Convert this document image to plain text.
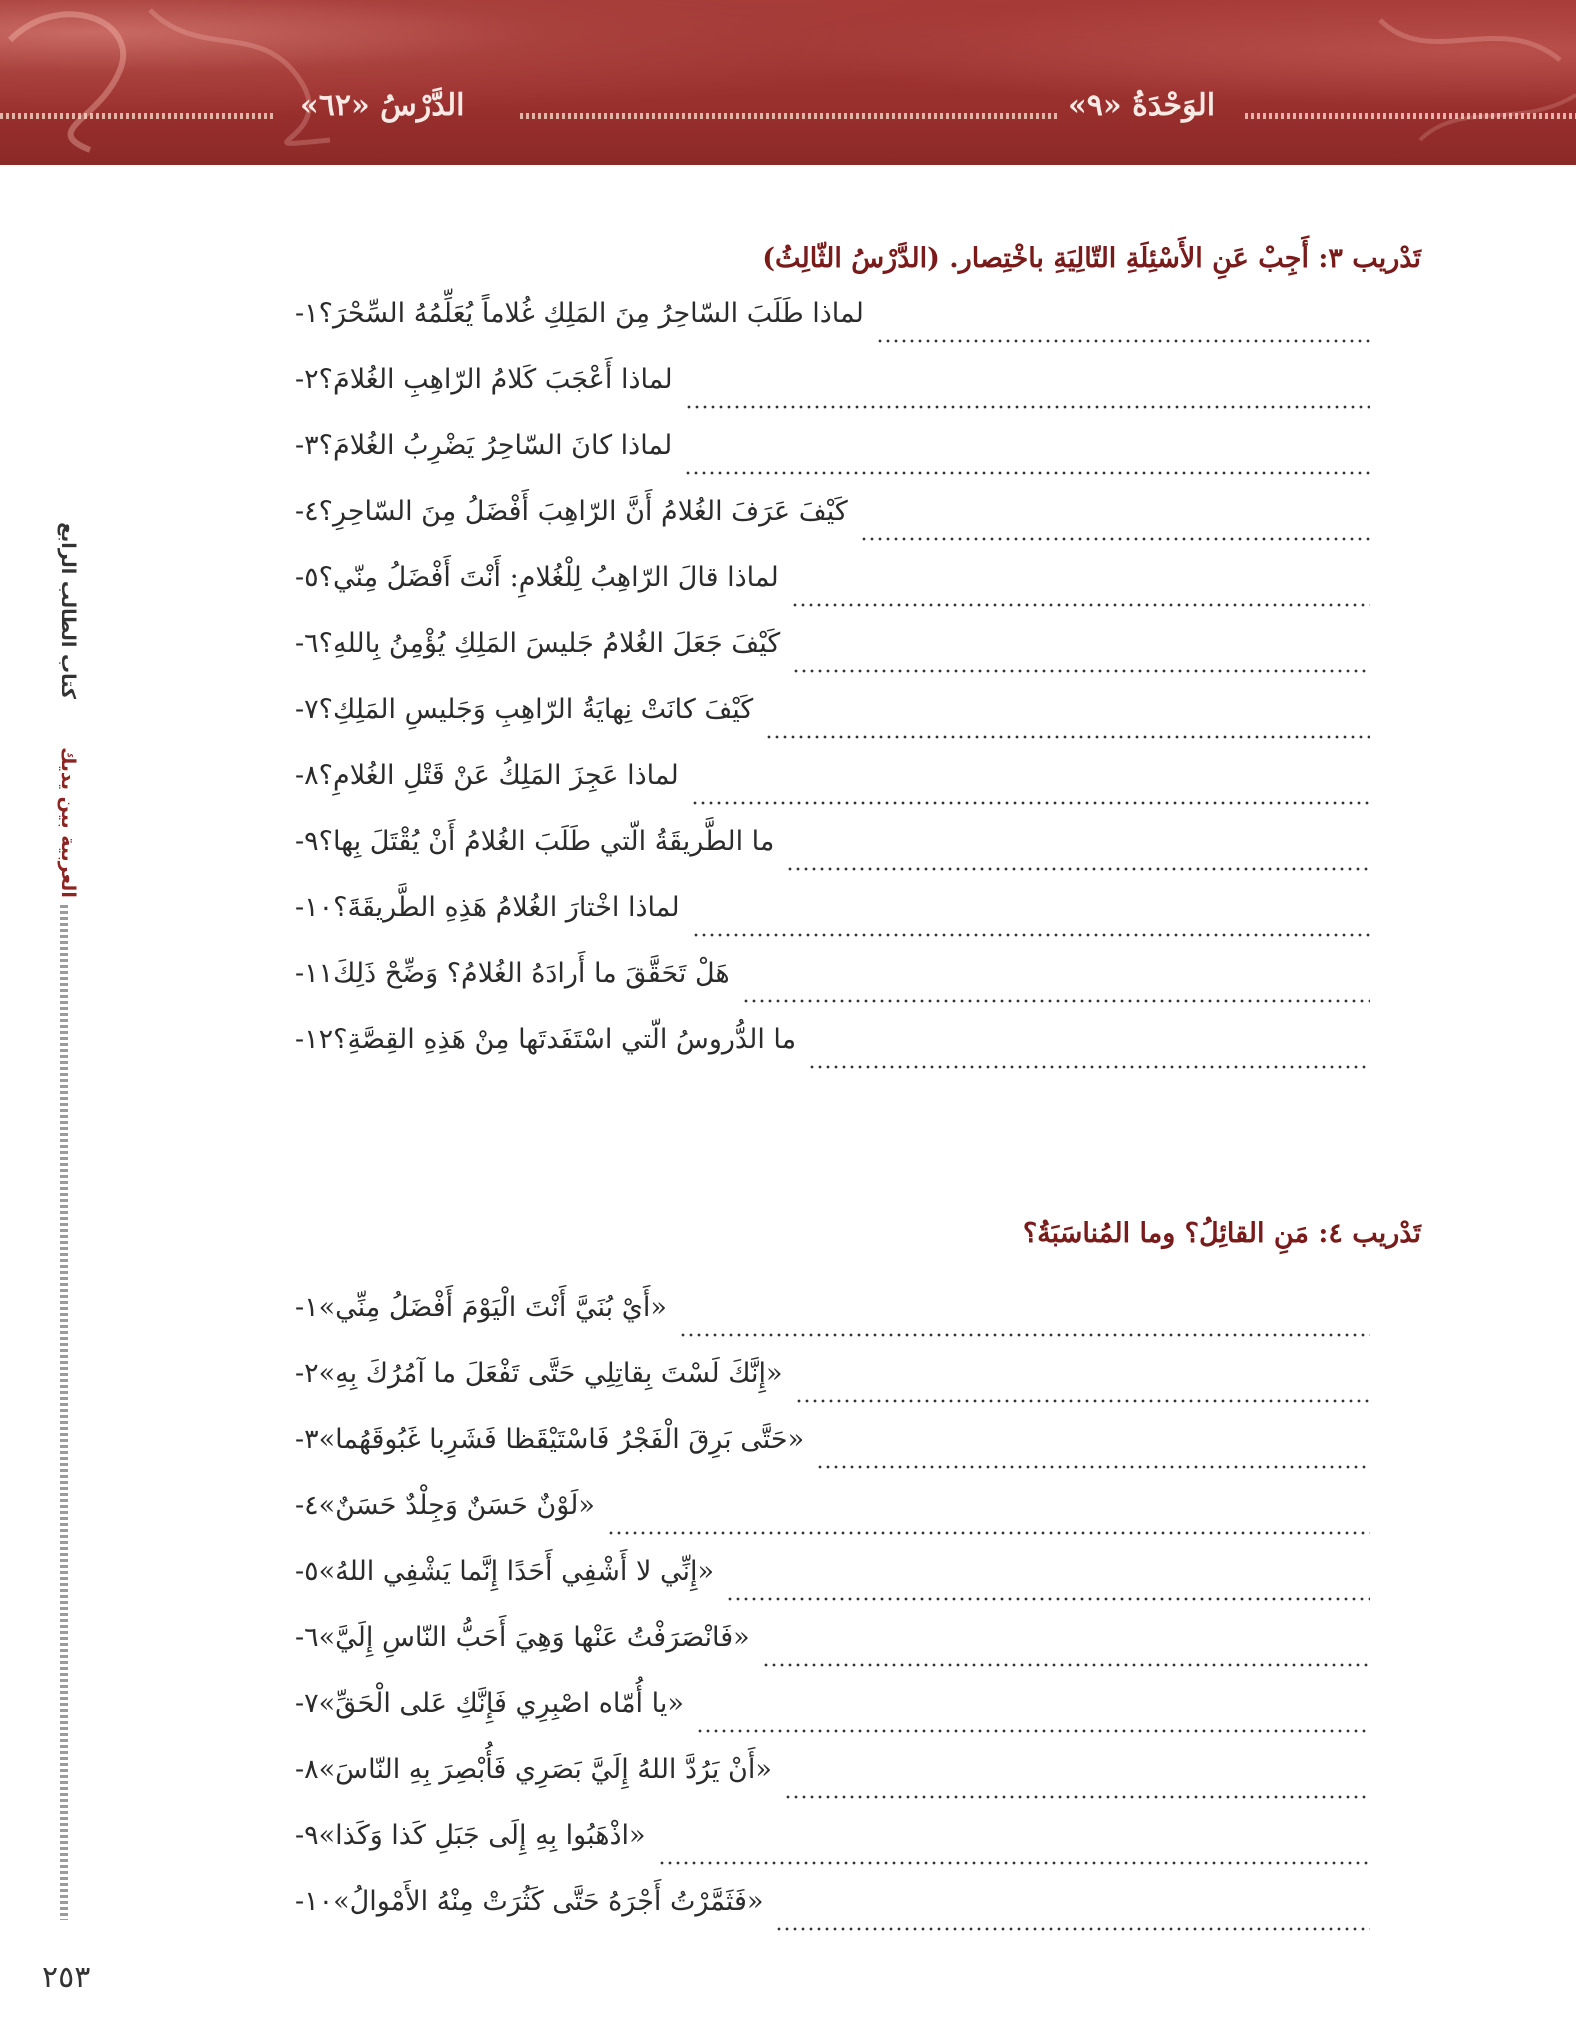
الدَّرْسُ «٦٢»	الوَحْدَةُ «٩»
العربية بين يديك
كتاب الطالب الرابع
تَدْريب ٣: أَجِبْ عَنِ الأَسْئِلَةِ التّالِيَةِ باخْتِصار. (الدَّرْسُ الثّالِثُ)
١- لماذا طَلَبَ السّاحِرُ مِنَ المَلِكِ غُلاماً يُعَلِّمُهُ السِّحْرَ؟
٢- لماذا أَعْجَبَ كَلامُ الرّاهِبِ الغُلامَ؟
٣- لماذا كانَ السّاحِرُ يَضْرِبُ الغُلامَ؟
٤- كَيْفَ عَرَفَ الغُلامُ أَنَّ الرّاهِبَ أَفْضَلُ مِنَ السّاحِرِ؟
٥- لماذا قالَ الرّاهِبُ لِلْغُلامِ: أَنْتَ أَفْضَلُ مِنّي؟
٦- كَيْفَ جَعَلَ الغُلامُ جَليسَ المَلِكِ يُؤْمِنُ بِاللهِ؟
٧- كَيْفَ كانَتْ نِهايَةُ الرّاهِبِ وَجَليسِ المَلِكِ؟
٨- لماذا عَجِزَ المَلِكُ عَنْ قَتْلِ الغُلامِ؟
٩- ما الطَّريقَةُ الّتي طَلَبَ الغُلامُ أَنْ يُقْتَلَ بِها؟
١٠- لماذا اخْتارَ الغُلامُ هَذِهِ الطَّريقَةَ؟
١١- هَلْ تَحَقَّقَ ما أَرادَهُ الغُلامُ؟ وَضِّحْ ذَلِكَ
١٢- ما الدُّروسُ الّتي اسْتَفَدتَها مِنْ هَذِهِ القِصَّةِ؟
تَدْريب ٤: مَنِ القائِلُ؟ وما المُناسَبَةُ؟
١- «أَيْ بُنَيَّ أَنْتَ الْيَوْمَ أَفْضَلُ مِنِّي»
٢- «إِنَّكَ لَسْتَ بِقاتِلِي حَتَّى تَفْعَلَ ما آمُرُكَ بِهِ»
٣- «حَتَّى بَرِقَ الْفَجْرُ فَاسْتَيْقَظا فَشَرِبا غَبُوقَهُما»
٤- «لَوْنٌ حَسَنٌ وَجِلْدٌ حَسَنٌ»
٥- «إِنِّي لا أَشْفِي أَحَدًا إِنَّما يَشْفِي اللهُ»
٦- «فَانْصَرَفْتُ عَنْها وَهِيَ أَحَبُّ النّاسِ إِلَيَّ»
٧- «يا أُمّاه اصْبِرِي فَإِنَّكِ عَلى الْحَقِّ»
٨- «أَنْ يَرُدَّ اللهُ إِلَيَّ بَصَرِي فَأُبْصِرَ بِهِ النّاسَ»
٩- «اذْهَبُوا بِهِ إِلَى جَبَلِ كَذا وَكَذا»
١٠- «فَثَمَّرْتُ أَجْرَهُ حَتَّى كَثُرَتْ مِنْهُ الأَمْوالُ»
٢٥٣
